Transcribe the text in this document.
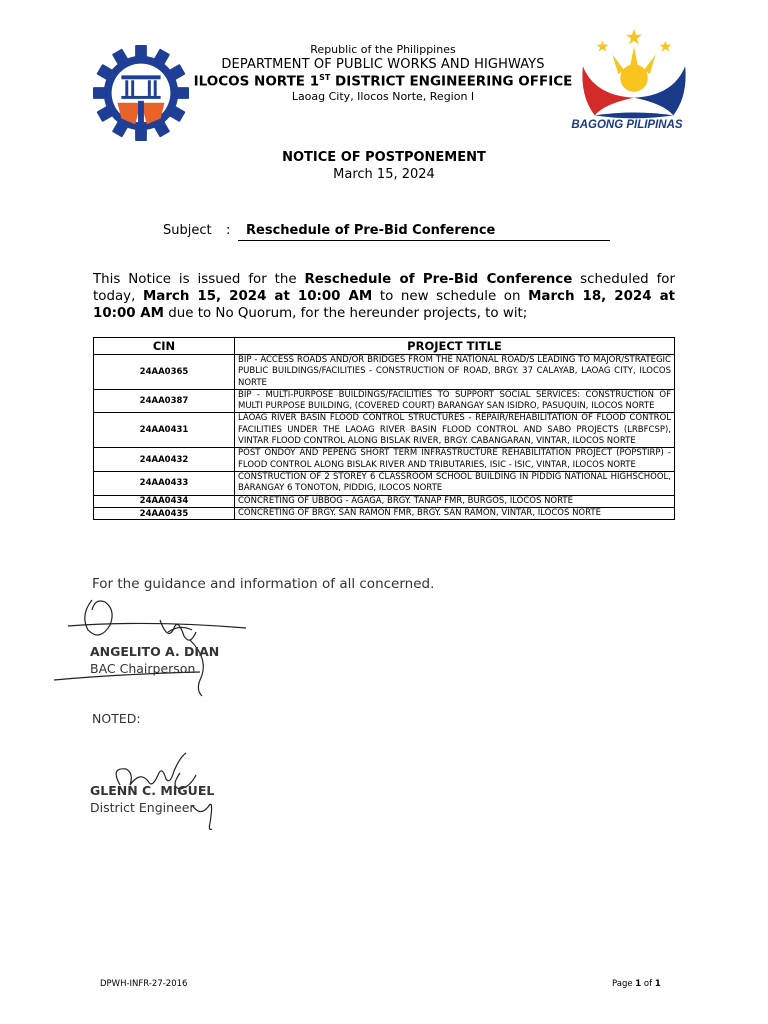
Republic of the Philippines
DEPARTMENT OF PUBLIC WORKS AND HIGHWAYS
ILOCOS NORTE 1ST DISTRICT ENGINEERING OFFICE
Laoag City, Ilocos Norte, Region I
BAGONG PILIPINAS
NOTICE OF POSTPONEMENT
March 15, 2024
Subject :	Reschedule of Pre-Bid Conference
This Notice is issued for the Reschedule of Pre-Bid Conference scheduled for today, March 15, 2024 at 10:00 AM to new schedule on March 18, 2024 at 10:00 AM due to No Quorum, for the hereunder projects, to wit;
CIN	PROJECT TITLE
24AA0365	BIP - ACCESS ROADS AND/OR BRIDGES FROM THE NATIONAL ROAD/S LEADING TO MAJOR/STRATEGIC PUBLIC BUILDINGS/FACILITIES - CONSTRUCTION OF ROAD, BRGY. 37 CALAYAB, LAOAG CITY, ILOCOS NORTE
24AA0387	BIP - MULTI-PURPOSE BUILDINGS/FACILITIES TO SUPPORT SOCIAL SERVICES: CONSTRUCTION OF MULTI PURPOSE BUILDING, (COVERED COURT) BARANGAY SAN ISIDRO, PASUQUIN, ILOCOS NORTE
24AA0431	LAOAG RIVER BASIN FLOOD CONTROL STRUCTURES - REPAIR/REHABILITATION OF FLOOD CONTROL FACILITIES UNDER THE LAOAG RIVER BASIN FLOOD CONTROL AND SABO PROJECTS (LRBFCSP), VINTAR FLOOD CONTROL ALONG BISLAK RIVER, BRGY. CABANGARAN, VINTAR, ILOCOS NORTE
24AA0432	POST ONDOY AND PEPENG SHORT TERM INFRASTRUCTURE REHABILITATION PROJECT (POPSTIRP) - FLOOD CONTROL ALONG BISLAK RIVER AND TRIBUTARIES, ISIC - ISIC, VINTAR, ILOCOS NORTE
24AA0433	CONSTRUCTION OF 2 STOREY 6 CLASSROOM SCHOOL BUILDING IN PIDDIG NATIONAL HIGHSCHOOL, BARANGAY 6 TONOTON, PIDDIG, ILOCOS NORTE
24AA0434	CONCRETING OF UBBOG - AGAGA, BRGY. TANAP FMR, BURGOS, ILOCOS NORTE
24AA0435	CONCRETING OF BRGY. SAN RAMON FMR, BRGY. SAN RAMON, VINTAR, ILOCOS NORTE
For the guidance and information of all concerned.
ANGELITO A. DIAN
BAC Chairperson
NOTED:
GLENN C. MIGUEL
District Engineer
DPWH-INFR-27-2016	Page 1 of 1
